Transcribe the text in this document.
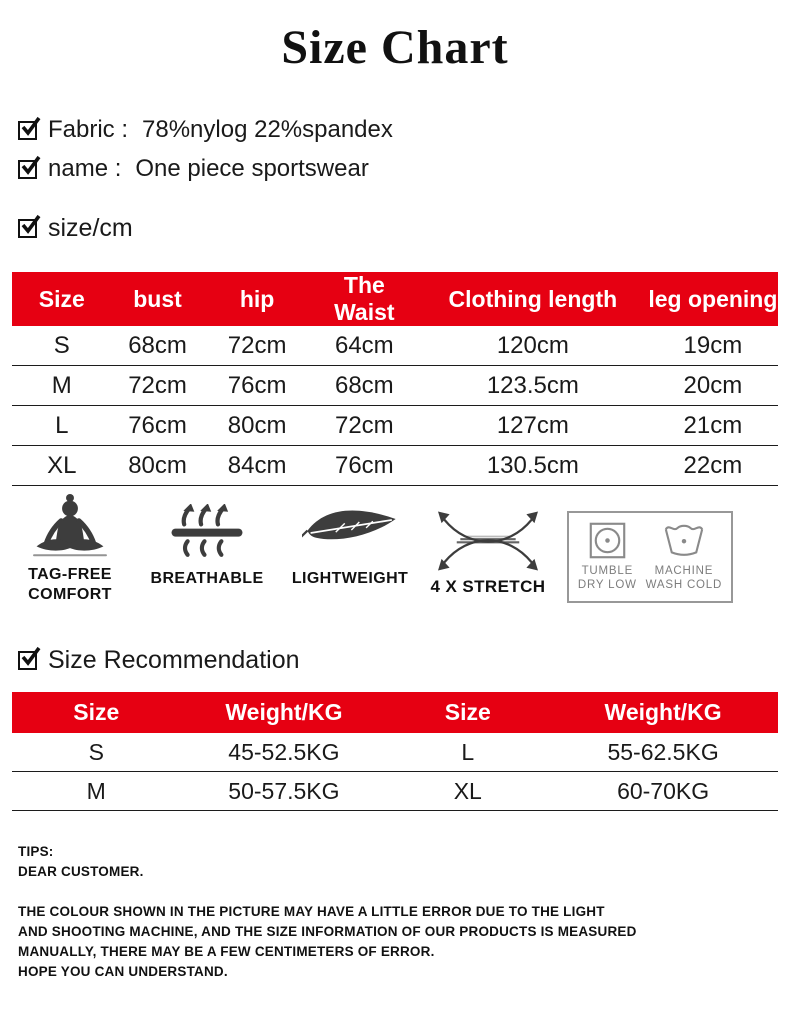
Size Chart
Fabric : 78%nylog 22%spandex
name : One piece sportswear
size/cm
Size	bust	hip	The Waist	Clothing length	leg opening
S	68cm	72cm	64cm	120cm	19cm
M	72cm	76cm	68cm	123.5cm	20cm
L	76cm	80cm	72cm	127cm	21cm
XL	80cm	84cm	76cm	130.5cm	22cm
TAG-FREE
COMFORT
BREATHABLE LIGHTWEIGHT 4 X STRETCH
TUMBLE
DRY LOW
MACHINE
WASH COLD
Size Recommendation
Size	Weight/KG	Size	Weight/KG
S	45-52.5KG	L	55-62.5KG
M	50-57.5KG	XL	60-70KG
TIPS:
DEAR CUSTOMER.
THE COLOUR SHOWN IN THE PICTURE MAY HAVE A LITTLE ERROR DUE TO THE LIGHT
AND SHOOTING MACHINE, AND THE SIZE INFORMATION OF OUR PRODUCTS IS MEASURED
MANUALLY, THERE MAY BE A FEW CENTIMETERS OF ERROR.
HOPE YOU CAN UNDERSTAND.
